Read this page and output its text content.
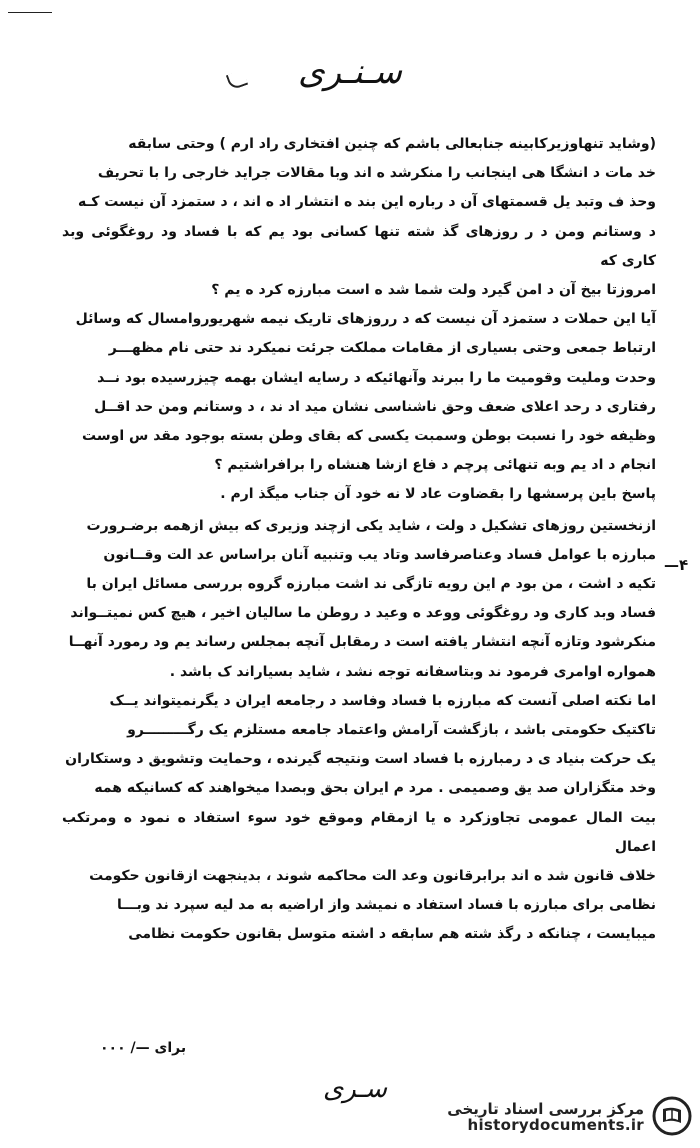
سـنـری
—۴

(وشاید تنهاوزیرکابینه جنابعالی باشم که چنین افتخاری راد ارم ) وحتی سابقه

خد مات د انشگا هی اینجانب را منکرشد ه اند وبا مقالات جراید خارجی را با تحریف

وحذ ف وتبد یل قسمتهای آن د رباره این بند ه انتشار اد ه اند ، د ستمزد آن نیست کـه

د وستانم ومن د ر روزهای گذ شته تنها کسانی بود یم که با فساد ود روغگوئی وبد کاری که

امروزتا بیخ آن د امن گیرد ولت شما شد ه است مبارزه کرد ه یم ؟

آیا این حملات د ستمزد آن نیست که د رروزهای تاریک نیمه شهریوروامسال که وسائل

ارتباط جمعی وحتی بسیاری از مقامات مملکت جرئت نمیکرد ند حتی نام مظهـــر

وحدت وملیت وقومیت ما را ببرند وآنهائیکه د رسایه ایشان بهمه چیزرسیده بود نــد

رفتاری د رحد اعلای ضعف وحق ناشناسی نشان مید اد ند ، د وستانم ومن حد اقــل

وظیفه خود را نسبت بوطن وسمبت یکسی که بقای وطن بسته بوجود مقد س اوست

انجام د اد یم وبه تنهائی پرچم د فاع ازشا هنشاه را برافراشتیم ؟

پاسخ باین پرسشها را بقضاوت عاد لا نه خود آن جناب میگذ ارم .

ازنخستین روزهای تشکیل د ولت ، شاید یکی ازچند وزیری که بیش ازهمه برضـرورت

مبارزه با عوامل فساد وعناصرفاسد وتاد یب وتنبیه آنان براساس عد الت وقــانون

تکیه د اشت ، من بود م این رویه تازگی ند اشت مبارزه گروه بررسی مسائل ایران با

فساد وبد کاری ود روغگوئی ووعد ه وعید د روطن ما سالیان اخیر ، هیچ کس نمیتــواند

منکرشود وتازه آنچه انتشار یافته است د رمقابل آنچه بمجلس رساند یم ود رمورد آنهــا

همواره اوامری فرمود ند وبتاسفانه توجه نشد ، شاید بسیاراند ک باشد .

اما نکته اصلی آنست که مبارزه با فساد وفاسد د رجامعه ایران د یگرنمیتواند یــک

تاکتیک حکومتی باشد ، بازگشت آرامش واعتماد جامعه مستلزم یک رگـــــــــرو

یک حرکت بنیاد ی د رمبارزه با فساد است ونتیجه گیرنده ، وحمایت وتشویق د وستکاران

وخد متگزاران صد یق وصمیمی . مرد م ایران بحق وبصدا میخواهند که کسانیکه همه

بیت المال عمومی تجاوزکرد ه یا ازمقام وموقع خود سوء استفاد ه نمود ه ومرتکب اعمال

خلاف قانون شد ه اند برابرقانون وعد الت محاکمه شوند ، بدینجهت ازقانون حکومت

نظامی برای مبارزه با فساد استفاد ه نمیشد واز اراضیه به مد لیه سپرد ند وبـــا

میبایست ، چنانکه د رگذ شته هم سابقه د اشته متوسل بقانون حکومت نظامی

برای —/ ۰۰۰
سـری
مرکز بررسی اسناد تاریخی
historydocuments.ir
